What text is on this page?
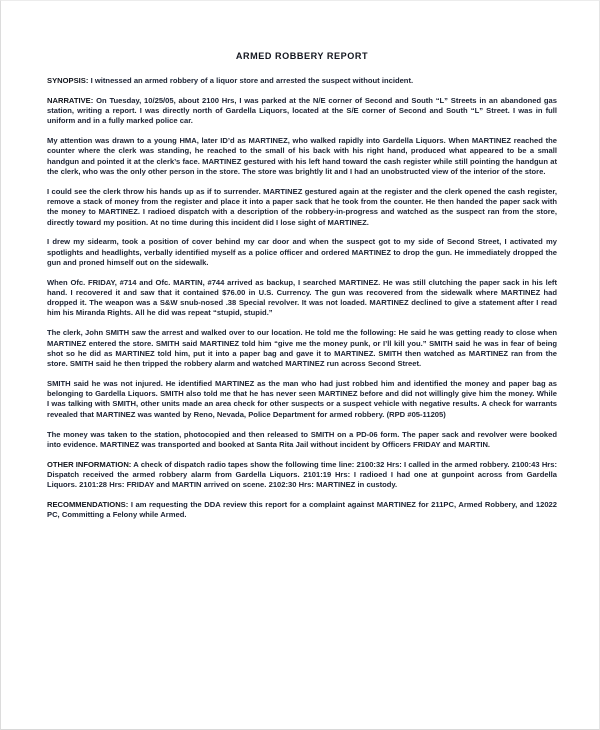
ARMED ROBBERY REPORT

SYNOPSIS: I witnessed an armed robbery of a liquor store and arrested the suspect without incident.

NARRATIVE: On Tuesday, 10/25/05, about 2100 Hrs, I was parked at the N/E corner of Second and South “L” Streets in an abandoned gas station, writing a report. I was directly north of Gardella Liquors, located at the S/E corner of Second and South “L” Street. I was in full uniform and in a fully marked police car.

My attention was drawn to a young HMA, later ID’d as MARTINEZ, who walked rapidly into Gardella Liquors. When MARTINEZ reached the counter where the clerk was standing, he reached to the small of his back with his right hand, produced what appeared to be a small handgun and pointed it at the clerk’s face. MARTINEZ gestured with his left hand toward the cash register while still pointing the handgun at the clerk, who was the only other person in the store. The store was brightly lit and I had an unobstructed view of the interior of the store.

I could see the clerk throw his hands up as if to surrender. MARTINEZ gestured again at the register and the clerk opened the cash register, remove a stack of money from the register and place it into a paper sack that he took from the counter. He then handed the paper sack with the money to MARTINEZ. I radioed dispatch with a description of the robbery-in-progress and watched as the suspect ran from the store, directly toward my position. At no time during this incident did I lose sight of MARTINEZ.

I drew my sidearm, took a position of cover behind my car door and when the suspect got to my side of Second Street, I activated my spotlights and headlights, verbally identified myself as a police officer and ordered MARTINEZ to drop the gun. He immediately dropped the gun and proned himself out on the sidewalk.

When Ofc. FRIDAY, #714 and Ofc. MARTIN, #744 arrived as backup, I searched MARTINEZ. He was still clutching the paper sack in his left hand. I recovered it and saw that it contained $76.00 in U.S. Currency. The gun was recovered from the sidewalk where MARTINEZ had dropped it. The weapon was a S&W snub-nosed .38 Special revolver. It was not loaded. MARTINEZ declined to give a statement after I read him his Miranda Rights. All he did was repeat “stupid, stupid.”

The clerk, John SMITH saw the arrest and walked over to our location. He told me the following: He said he was getting ready to close when MARTINEZ entered the store. SMITH said MARTINEZ told him “give me the money punk, or I’ll kill you.” SMITH said he was in fear of being shot so he did as MARTINEZ told him, put it into a paper bag and gave it to MARTINEZ. SMITH then watched as MARTINEZ ran from the store. SMITH said he then tripped the robbery alarm and watched MARTINEZ run across Second Street.

SMITH said he was not injured. He identified MARTINEZ as the man who had just robbed him and identified the money and paper bag as belonging to Gardella Liquors. SMITH also told me that he has never seen MARTINEZ before and did not willingly give him the money. While I was talking with SMITH, other units made an area check for other suspects or a suspect vehicle with negative results. A check for warrants revealed that MARTINEZ was wanted by Reno, Nevada, Police Department for armed robbery. (RPD #05-11205)

The money was taken to the station, photocopied and then released to SMITH on a PD-06 form. The paper sack and revolver were booked into evidence. MARTINEZ was transported and booked at Santa Rita Jail without incident by Officers FRIDAY and MARTIN.

OTHER INFORMATION: A check of dispatch radio tapes show the following time line: 2100:32 Hrs: I called in the armed robbery. 2100:43 Hrs: Dispatch received the armed robbery alarm from Gardella Liquors. 2101:19 Hrs: I radioed I had one at gunpoint across from Gardella Liquors. 2101:28 Hrs: FRIDAY and MARTIN arrived on scene. 2102:30 Hrs: MARTINEZ in custody.

RECOMMENDATIONS: I am requesting the DDA review this report for a complaint against MARTINEZ for 211PC, Armed Robbery, and 12022 PC, Committing a Felony while Armed.
